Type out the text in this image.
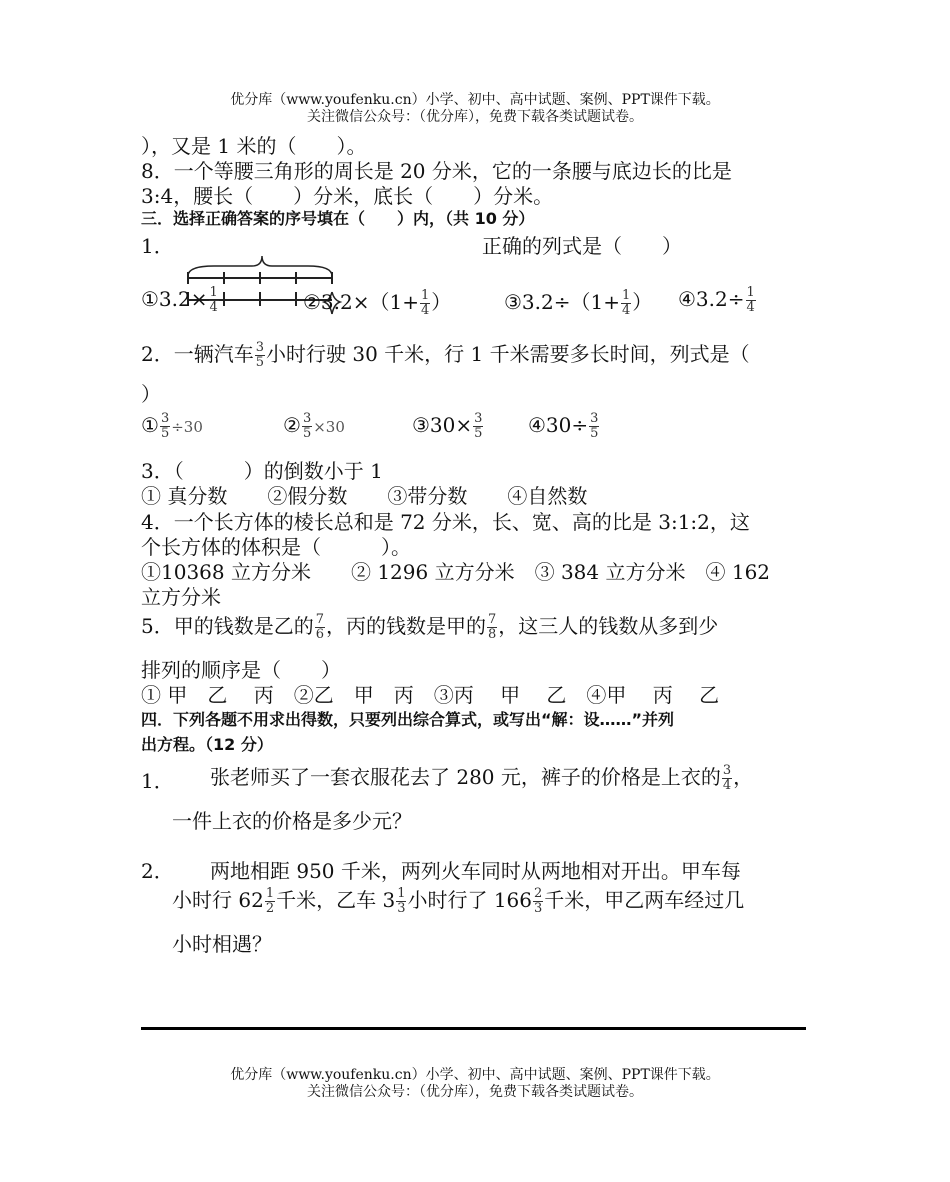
优分库（www.youfenku.cn）小学、初中、高中试题、案例、PPT课件下载。
关注微信公众号：（优分库），免费下载各类试题试卷。
），又是 1 米的（　　）。
8．一个等腰三角形的周长是 20 分米，它的一条腰与底边长的比是
3:4，腰长（　　）分米，底长（　　）分米。
三．选择正确答案的序号填在（　　）内，（共 10 分）
1．	正确的列式是（　　）
①3.2× $\frac{1}{4}$	②3.2×（1+ $\frac{1}{4}$ ）	③3.2÷（1+ $\frac{1}{4}$ ） ④3.2÷ $\frac{1}{4}$
2．一辆汽车 $\frac{3}{5}$ 小时行驶 30 千米，行 1 千米需要多长时间，列式是（
）
① $\frac{3}{5} \div 30$	② $\frac{3}{5} \times 30$	③30× $\frac{3}{5}$ ④30÷ $\frac{3}{5}$
3．（　　　）的倒数小于 1
① 真分数　　②假分数　　③带分数　　④自然数
4．一个长方体的棱长总和是 72 分米，长、宽、高的比是 3:1:2，这
个长方体的体积是（　　　）。
①10368 立方分米　　② 1296 立方分米　③ 384 立方分米　④ 162
立方分米
5．甲的钱数是乙的 $\frac{7}{6}$ ，丙的钱数是甲的 $\frac{7}{8}$ ，这三人的钱数从多到少
排列的顺序是（　　）
① 甲　乙　 丙　②乙　甲　丙　③丙　 甲　 乙　④甲　 丙　 乙
四．下列各题不用求出得数，只要列出综合算式，或写出“解：设……”并列
出方程。（12 分）
1． 张老师买了一套衣服花去了 280 元，裤子的价格是上衣的 $\frac{3}{4}$ ，
一件上衣的价格是多少元？
2． 两地相距 950 千米，两列火车同时从两地相对开出。甲车每
小时行 $62 \frac{1}{2}$ 千米，乙车 $3 \frac{1}{3}$ 小时行了 $166 \frac{2}{3}$ 千米，甲乙两车经过几
小时相遇？
优分库（www.youfenku.cn）小学、初中、高中试题、案例、PPT课件下载。
关注微信公众号：（优分库），免费下载各类试题试卷。
